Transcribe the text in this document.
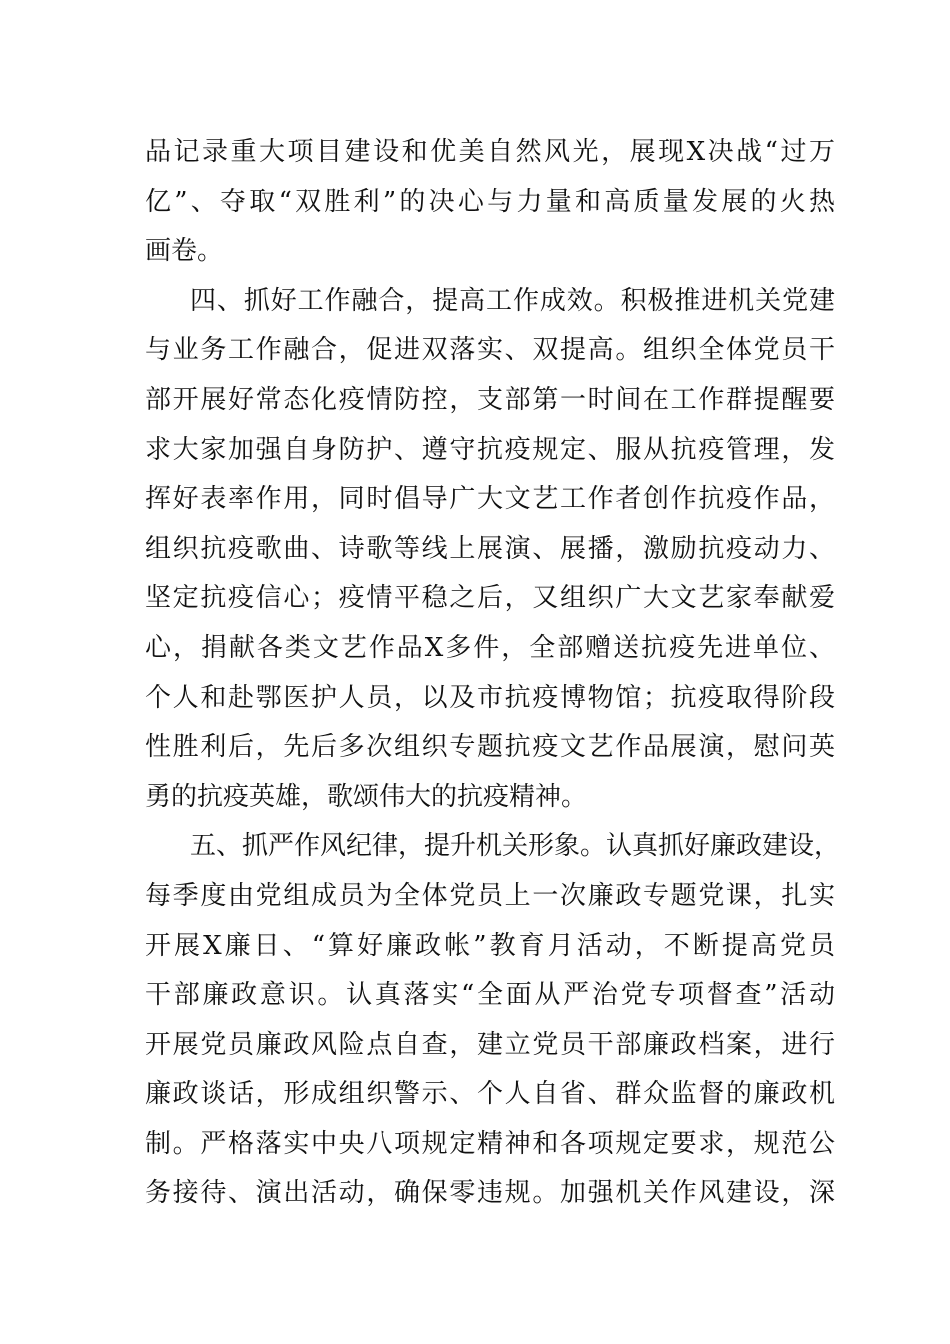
品记录重大项目建设和优美自然风光，展现X决战“过万
亿”、夺取“双胜利”的决心与力量和高质量发展的火热
画卷。
四、抓好工作融合，提高工作成效。积极推进机关党建
与业务工作融合，促进双落实、双提高。组织全体党员干
部开展好常态化疫情防控，支部第一时间在工作群提醒要
求大家加强自身防护、遵守抗疫规定、服从抗疫管理，发
挥好表率作用，同时倡导广大文艺工作者创作抗疫作品，
组织抗疫歌曲、诗歌等线上展演、展播，激励抗疫动力、
坚定抗疫信心；疫情平稳之后，又组织广大文艺家奉献爱
心，捐献各类文艺作品X多件，全部赠送抗疫先进单位、
个人和赴鄂医护人员，以及市抗疫博物馆；抗疫取得阶段
性胜利后，先后多次组织专题抗疫文艺作品展演，慰问英
勇的抗疫英雄，歌颂伟大的抗疫精神。
五、抓严作风纪律，提升机关形象。认真抓好廉政建设，
每季度由党组成员为全体党员上一次廉政专题党课，扎实
开展X廉日、“算好廉政帐”教育月活动，不断提高党员
干部廉政意识。认真落实“全面从严治党专项督查”活动
开展党员廉政风险点自查，建立党员干部廉政档案，进行
廉政谈话，形成组织警示、个人自省、群众监督的廉政机
制。严格落实中央八项规定精神和各项规定要求，规范公
务接待、演出活动，确保零违规。加强机关作风建设，深
